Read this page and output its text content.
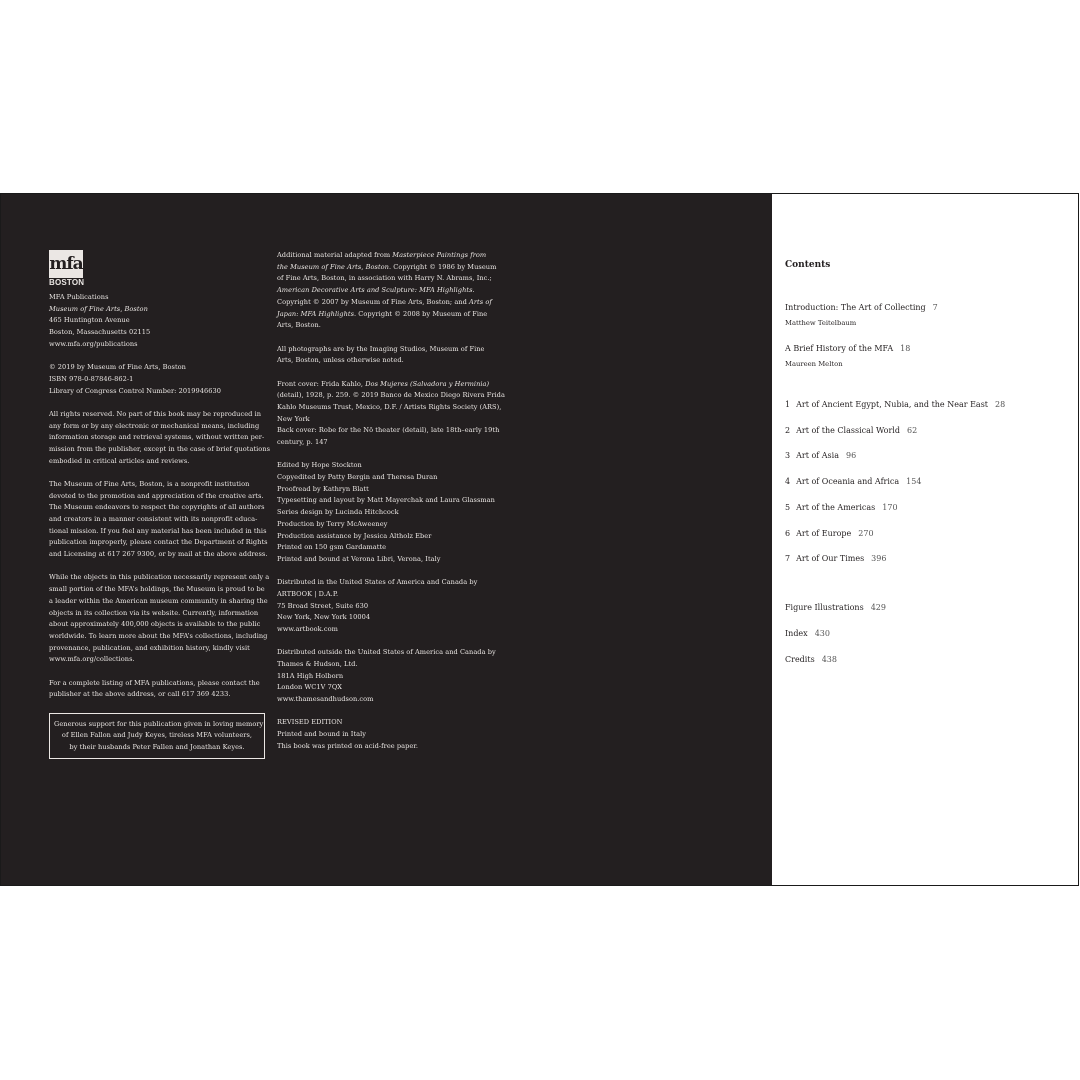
mfa
BOSTON

MFA Publications
Museum of Fine Arts, Boston
465 Huntington Avenue
Boston, Massachusetts 02115
www.mfa.org/publications

© 2019 by Museum of Fine Arts, Boston
ISBN 978-0-87846-862-1
Library of Congress Control Number: 2019946630

All rights reserved. No part of this book may be reproduced in
any form or by any electronic or mechanical means, including
information storage and retrieval systems, without written per-
mission from the publisher, except in the case of brief quotations
embodied in critical articles and reviews.

The Museum of Fine Arts, Boston, is a nonprofit institution
devoted to the promotion and appreciation of the creative arts.
The Museum endeavors to respect the copyrights of all authors
and creators in a manner consistent with its nonprofit educa-
tional mission. If you feel any material has been included in this
publication improperly, please contact the Department of Rights
and Licensing at 617 267 9300, or by mail at the above address.

While the objects in this publication necessarily represent only a
small portion of the MFA’s holdings, the Museum is proud to be
a leader within the American museum community in sharing the
objects in its collection via its website. Currently, information
about approximately 400,000 objects is available to the public
worldwide. To learn more about the MFA’s collections, including
provenance, publication, and exhibition history, kindly visit
www.mfa.org/collections.

For a complete listing of MFA publications, please contact the
publisher at the above address, or call 617 369 4233.

Generous support for this publication given in loving memory
of Ellen Fallon and Judy Keyes, tireless MFA volunteers,
by their husbands Peter Fallen and Jonathan Keyes.

Additional material adapted from Masterpiece Paintings from
the Museum of Fine Arts, Boston. Copyright © 1986 by Museum
of Fine Arts, Boston, in association with Harry N. Abrams, Inc.;
American Decorative Arts and Sculpture: MFA Highlights.
Copyright © 2007 by Museum of Fine Arts, Boston; and Arts of
Japan: MFA Highlights. Copyright © 2008 by Museum of Fine
Arts, Boston.

All photographs are by the Imaging Studios, Museum of Fine
Arts, Boston, unless otherwise noted.

Front cover: Frida Kahlo, Dos Mujeres (Salvadora y Herminia)
(detail), 1928, p. 259. © 2019 Banco de Mexico Diego Rivera Frida
Kahlo Museums Trust, Mexico, D.F. / Artists Rights Society (ARS),
New York
Back cover: Robe for the Nō theater (detail), late 18th–early 19th
century, p. 147

Edited by Hope Stockton
Copyedited by Patty Bergin and Theresa Duran
Proofread by Kathryn Blatt
Typesetting and layout by Matt Mayerchak and Laura Glassman
Series design by Lucinda Hitchcock
Production by Terry McAweeney
Production assistance by Jessica Altholz Eber
Printed on 150 gsm Gardamatte
Printed and bound at Verona Libri, Verona, Italy

Distributed in the United States of America and Canada by
ARTBOOK | D.A.P.
75 Broad Street, Suite 630
New York, New York 10004
www.artbook.com

Distributed outside the United States of America and Canada by
Thames & Hudson, Ltd.
181A High Holborn
London WC1V 7QX
www.thamesandhudson.com

REVISED EDITION
Printed and bound in Italy
This book was printed on acid-free paper.

Contents
Introduction: The Art of Collecting 7
Matthew Teitelbaum
A Brief History of the MFA 18
Maureen Melton
1 Art of Ancient Egypt, Nubia, and the Near East 28
2 Art of the Classical World 62
3 Art of Asia 96
4 Art of Oceania and Africa 154
5 Art of the Americas 170
6 Art of Europe 270
7 Art of Our Times 396
Figure Illustrations 429
Index 430
Credits 438
